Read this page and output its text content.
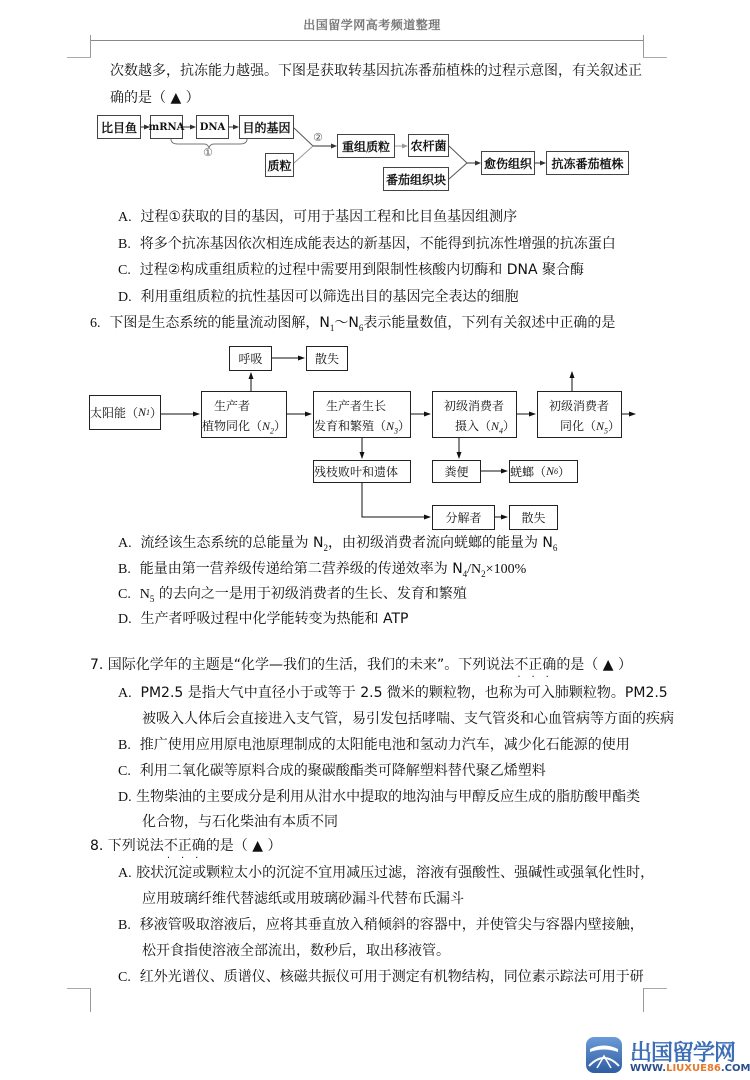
出国留学网高考频道整理
次数越多，抗冻能力越强。下图是获取转基因抗冻番茄植株的过程示意图，有关叙述正
确的是（ ▲ ）
比目鱼	mRNA	DNA	目的基因
①
②
质粒
重组质粒	农杆菌
番茄组织块
愈伤组织	抗冻番茄植株
A. 过程①获取的目的基因，可用于基因工程和比目鱼基因组测序
B. 将多个抗冻基因依次相连成能表达的新基因，不能得到抗冻性增强的抗冻蛋白
C. 过程②构成重组质粒的过程中需要用到限制性核酸内切酶和 DNA 聚合酶
D. 利用重组质粒的抗性基因可以筛选出目的基因完全表达的细胞
6. 下图是生态系统的能量流动图解，$N_1\sim N_6$表示能量数值，下列有关叙述中正确的是
太阳能（ N 1 ）
呼吸	散失
生产者
植物同化$(N_2)$
生产者生长
发育和繁殖$(N_3)$
初级消费者
摄入$(N_4)$
初级消费者
同化$(N_5)$
残枝败叶和遗体	粪便	蜣螂（ N 6 ）
分解者	散失
A. 流经该生态系统的总能量为 $N_2$，由初级消费者流向蜣螂的能量为 $N_6$
B. 能量由第一营养级传递给第二营养级的传递效率为 $N_4/N_2\times 100\%$
C. $N_5$ 的去向之一是用于初级消费者的生长、发育和繁殖
D. 生产者呼吸过程中化学能转变为热能和 ATP
7. 国际化学年的主题是“化学—我们的生活，我们的未来”。下列说法不正确
···
的是（ ▲ ）
A. PM2.5 是指大气中直径小于或等于 2.5 微米的颗粒物，也称为可入肺颗粒物。PM2.5
被吸入人体后会直接进入支气管，易引发包括哮喘、支气管炎和心血管病等方面的疾病
B. 推广使用应用原电池原理制成的太阳能电池和氢动力汽车，减少化石能源的使用
C. 利用二氧化碳等原料合成的聚碳酸酯类可降解塑料替代聚乙烯塑料
D. 生物柴油的主要成分是利用从泔水中提取的地沟油与甲醇反应生成的脂肪酸甲酯类
化合物，与石化柴油有本质不同
8. 下列说法不正确
···
的是（ ▲ ）
A. 胶状沉淀或颗粒太小的沉淀不宜用减压过滤，溶液有强酸性、强碱性或强氧化性时，
应用玻璃纤维代替滤纸或用玻璃砂漏斗代替布氏漏斗
B. 移液管吸取溶液后，应将其垂直放入稍倾斜的容器中，并使管尖与容器内壁接触，
松开食指使溶液全部流出，数秒后，取出移液管。
C. 红外光谱仪、质谱仪、核磁共振仪可用于测定有机物结构，同位素示踪法可用于研
出国留学网
WWW.LIUXUE86.COM
